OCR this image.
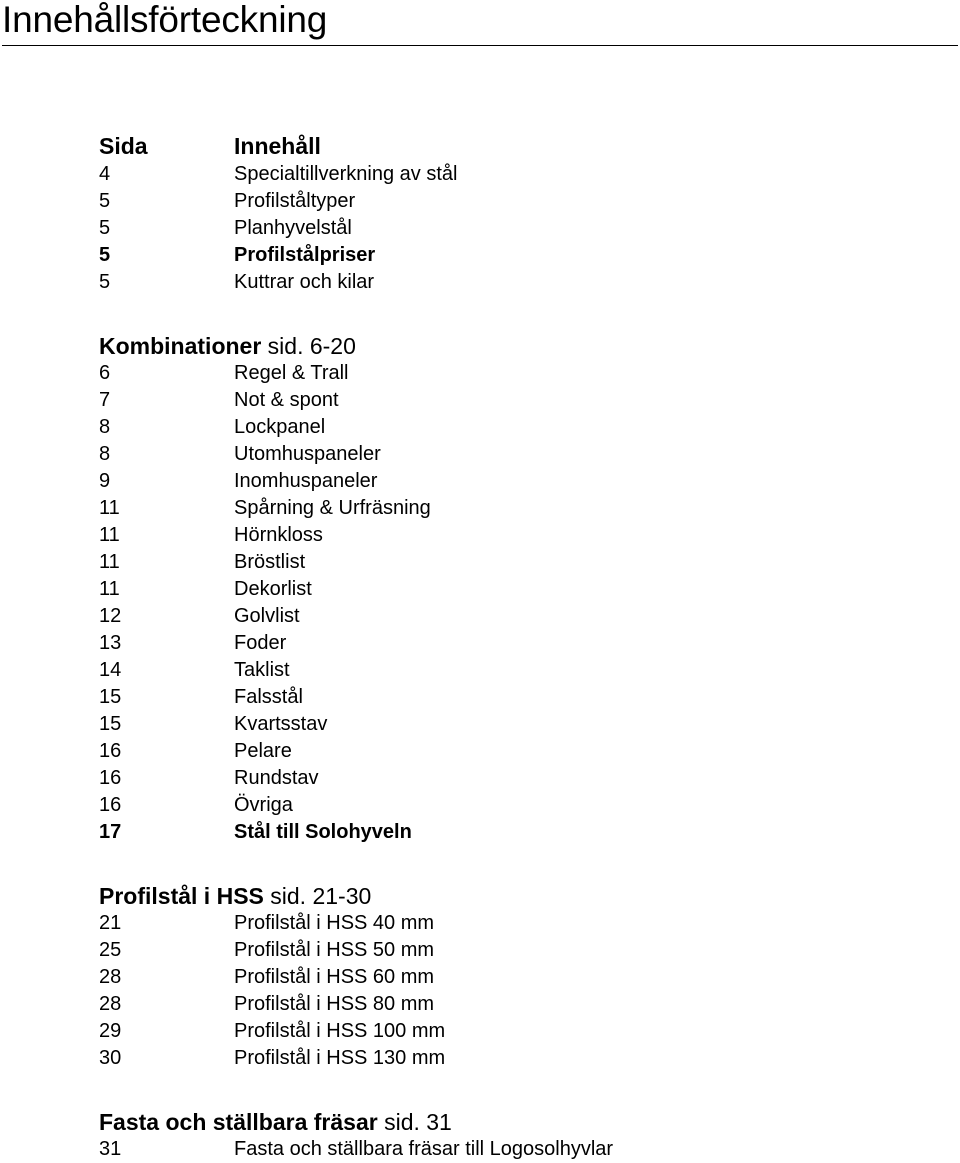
Innehållsförteckning
Sida	Innehåll
4	Specialtillverkning av stål
5	Profilståltyper
5	Planhyvelstål
5	Profilstålpriser
5	Kuttrar och kilar
Kombinationer sid. 6-20
6	Regel & Trall
7	Not & spont
8	Lockpanel
8	Utomhuspaneler
9	Inomhuspaneler
11	Spårning & Urfräsning
11	Hörnkloss
11	Bröstlist
11	Dekorlist
12	Golvlist
13	Foder
14	Taklist
15	Falsstål
15	Kvartsstav
16	Pelare
16	Rundstav
16	Övriga
17	Stål till Solohyveln
Profilstål i HSS sid. 21-30
21	Profilstål i HSS 40 mm
25	Profilstål i HSS 50 mm
28	Profilstål i HSS 60 mm
28	Profilstål i HSS 80 mm
29	Profilstål i HSS 100 mm
30	Profilstål i HSS 130 mm
Fasta och ställbara fräsar sid. 31
31	Fasta och ställbara fräsar till Logosolhyvlar
